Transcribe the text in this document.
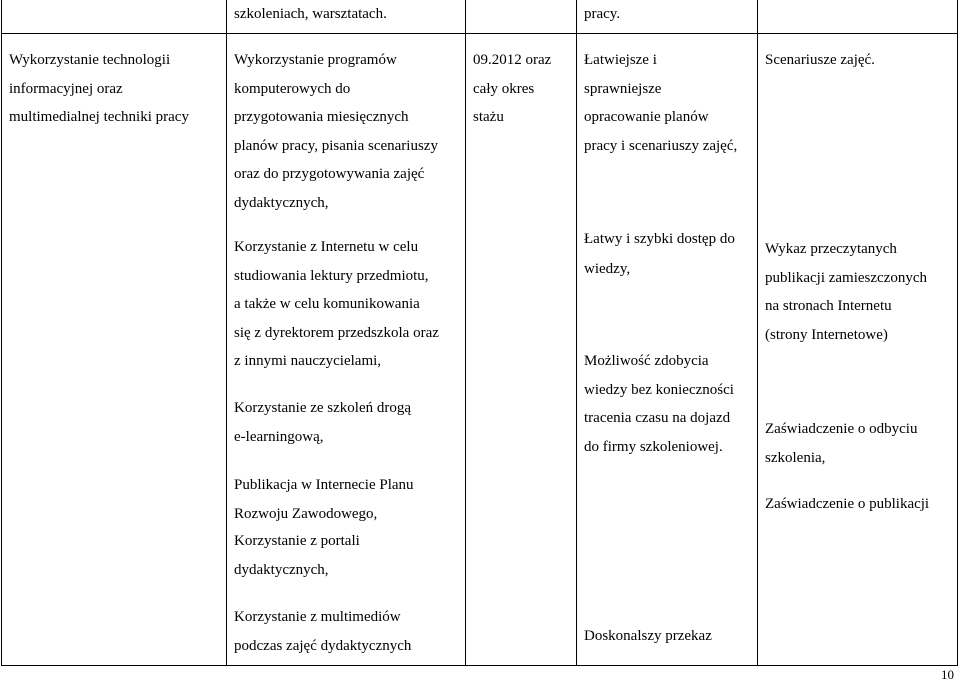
szkoleniach, warsztatach.	pracy.
Wykorzystanie technologii
informacyjnej oraz
multimedialnej techniki pracy
Wykorzystanie programów
komputerowych do
przygotowania miesięcznych
planów pracy, pisania scenariuszy
oraz do przygotowywania zajęć
dydaktycznych,
09.2012 oraz
cały okres
stażu
Łatwiejsze i
sprawniejsze
opracowanie planów
pracy i scenariuszy zajęć,
Scenariusze zajęć.
Korzystanie z Internetu w celu
studiowania lektury przedmiotu,
a także w celu komunikowania
się z dyrektorem przedszkola oraz
z innymi nauczycielami,
Korzystanie ze szkoleń drogą
e-learningową,
Publikacja w Internecie Planu
Rozwoju Zawodowego,
Korzystanie z portali
dydaktycznych,
Łatwy i szybki dostęp do
wiedzy,
Możliwość zdobycia
wiedzy bez konieczności
tracenia czasu na dojazd
do firmy szkoleniowej.
Wykaz przeczytanych
publikacji zamieszczonych
na stronach Internetu
(strony Internetowe)
Zaświadczenie o odbyciu
szkolenia,
Zaświadczenie o publikacji
Korzystanie z multimediów
podczas zajęć dydaktycznych
Doskonalszy przekaz
10
